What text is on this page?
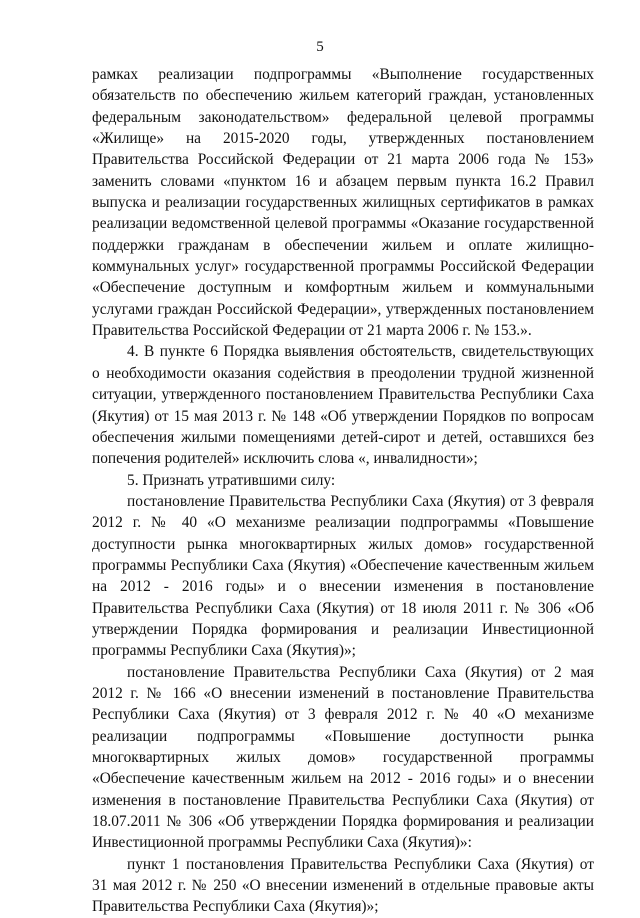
5

рамках реализации подпрограммы «Выполнение государственных обязательств по обеспечению жильем категорий граждан, установленных федеральным законодательством» федеральной целевой программы «Жилище» на 2015-2020 годы, утвержденных постановлением Правительства Российской Федерации от 21 марта 2006 года № 153» заменить словами «пунктом 16 и абзацем первым пункта 16.2 Правил выпуска и реализации государственных жилищных сертификатов в рамках реализации ведомственной целевой программы «Оказание государственной поддержки гражданам в обеспечении жильем и оплате жилищно-коммунальных услуг» государственной программы Российской Федерации «Обеспечение доступным и комфортным жильем и коммунальными услугами граждан Российской Федерации», утвержденных постановлением Правительства Российской Федерации от 21 марта 2006 г. № 153.».

4. В пункте 6 Порядка выявления обстоятельств, свидетельствующих о необходимости оказания содействия в преодолении трудной жизненной ситуации, утвержденного постановлением Правительства Республики Саха (Якутия) от 15 мая 2013 г. № 148 «Об утверждении Порядков по вопросам обеспечения жилыми помещениями детей-сирот и детей, оставшихся без попечения родителей» исключить слова «, инвалидности»;

5. Признать утратившими силу:

постановление Правительства Республики Саха (Якутия) от 3 февраля 2012 г. № 40 «О механизме реализации подпрограммы «Повышение доступности рынка многоквартирных жилых домов» государственной программы Республики Саха (Якутия) «Обеспечение качественным жильем на 2012 - 2016 годы» и о внесении изменения в постановление Правительства Республики Саха (Якутия) от 18 июля 2011 г. № 306 «Об утверждении Порядка формирования и реализации Инвестиционной программы Республики Саха (Якутия)»;

постановление Правительства Республики Саха (Якутия) от 2 мая 2012 г. № 166 «О внесении изменений в постановление Правительства Республики Саха (Якутия) от 3 февраля 2012 г. № 40 «О механизме реализации подпрограммы «Повышение доступности рынка многоквартирных жилых домов» государственной программы «Обеспечение качественным жильем на 2012 - 2016 годы» и о внесении изменения в постановление Правительства Республики Саха (Якутия) от 18.07.2011 № 306 «Об утверждении Порядка формирования и реализации Инвестиционной программы Республики Саха (Якутия)»:

пункт 1 постановления Правительства Республики Саха (Якутия) от 31 мая 2012 г. № 250 «О внесении изменений в отдельные правовые акты Правительства Республики Саха (Якутия)»;
